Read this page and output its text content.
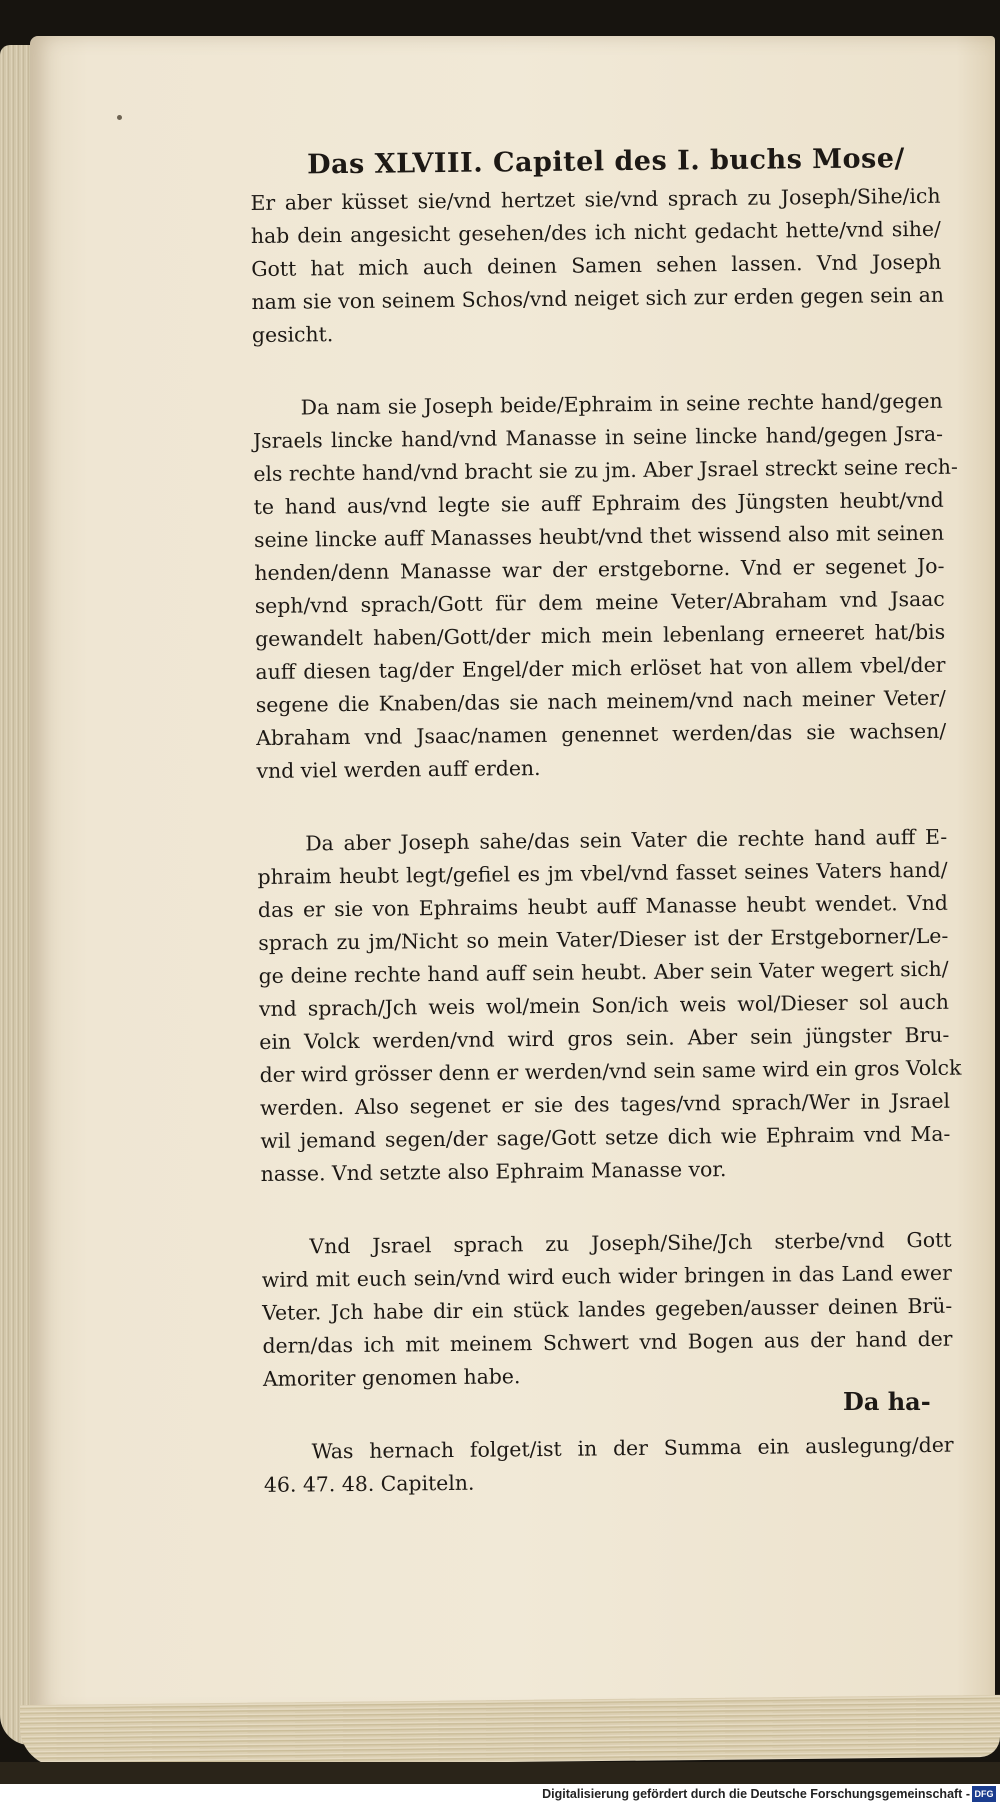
Das XLVIII. Capitel des I. buchs Mose/
Er aber küsset sie/vnd hertzet sie/vnd sprach zu Joseph/Sihe/ich
hab dein angesicht gesehen/des ich nicht gedacht hette/vnd sihe/
Gott hat mich auch deinen Samen sehen lassen. Vnd Joseph
nam sie von seinem Schos/vnd neiget sich zur erden gegen sein an
gesicht.
Da nam sie Joseph beide/Ephraim in seine rechte hand/gegen
Jsraels lincke hand/vnd Manasse in seine lincke hand/gegen Jsra-
els rechte hand/vnd bracht sie zu jm. Aber Jsrael streckt seine rech-
te hand aus/vnd legte sie auff Ephraim des Jüngsten heubt/vnd
seine lincke auff Manasses heubt/vnd thet wissend also mit seinen
henden/denn Manasse war der erstgeborne. Vnd er segenet Jo-
seph/vnd sprach/Gott für dem meine Veter/Abraham vnd Jsaac
gewandelt haben/Gott/der mich mein lebenlang erneeret hat/bis
auff diesen tag/der Engel/der mich erlöset hat von allem vbel/der
segene die Knaben/das sie nach meinem/vnd nach meiner Veter/
Abraham vnd Jsaac/namen genennet werden/das sie wachsen/
vnd viel werden auff erden.
Da aber Joseph sahe/das sein Vater die rechte hand auff E-
phraim heubt legt/gefiel es jm vbel/vnd fasset seines Vaters hand/
das er sie von Ephraims heubt auff Manasse heubt wendet. Vnd
sprach zu jm/Nicht so mein Vater/Dieser ist der Erstgeborner/Le-
ge deine rechte hand auff sein heubt. Aber sein Vater wegert sich/
vnd sprach/Jch weis wol/mein Son/ich weis wol/Dieser sol auch
ein Volck werden/vnd wird gros sein. Aber sein jüngster Bru-
der wird grösser denn er werden/vnd sein same wird ein gros Volck
werden. Also segenet er sie des tages/vnd sprach/Wer in Jsrael
wil jemand segen/der sage/Gott setze dich wie Ephraim vnd Ma-
nasse. Vnd setzte also Ephraim Manasse vor.
Vnd Jsrael sprach zu Joseph/Sihe/Jch sterbe/vnd Gott
wird mit euch sein/vnd wird euch wider bringen in das Land ewer
Veter. Jch habe dir ein stück landes gegeben/ausser deinen Brü-
dern/das ich mit meinem Schwert vnd Bogen aus der hand der
Amoriter genomen habe.
Was hernach folget/ist in der Summa ein auslegung/der
46. 47. 48. Capiteln.
Da ha-
Digitalisierung gefördert durch die Deutsche Forschungsgemeinschaft - DFG
